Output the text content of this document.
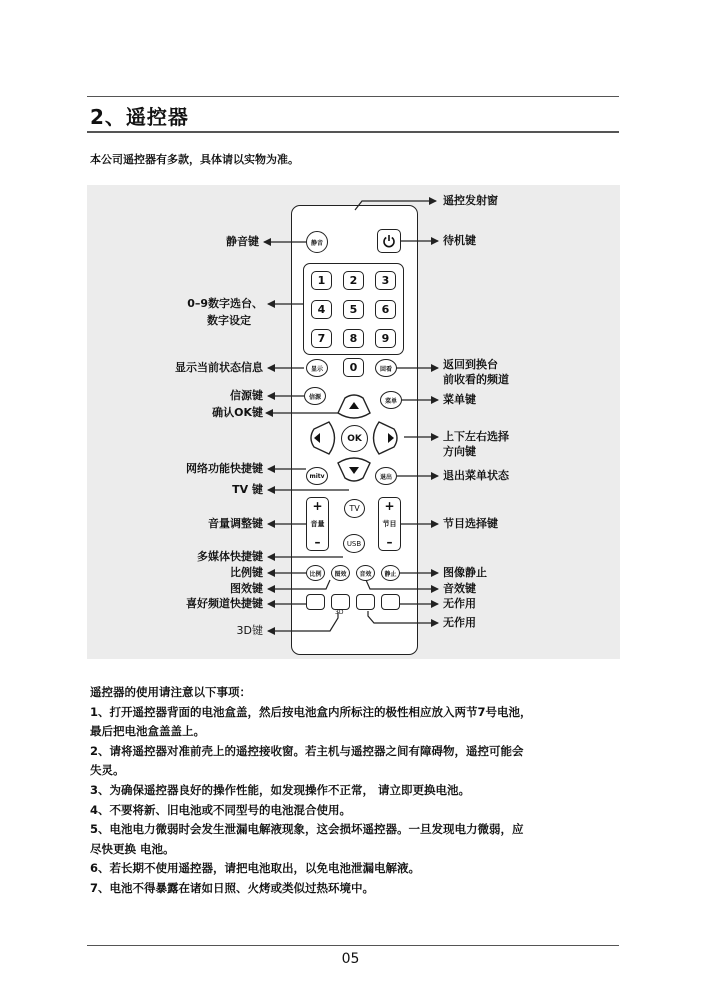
2、遥控器
本公司遥控器有多款，具体请以实物为准。
静音
1 2 3
4 5 6
7 8 9
显示 0	回看
信源
菜单
OK
mitv	退出
TV
+
音量
–
+
节目
–
USB
比例 图效 音效 静止
3D
静音键
0–9数字选台、
数字设定
显示当前状态信息
信源键
确认OK键
网络功能快捷键
TV 键
音量调整键
多媒体快捷键
比例键
图效键
喜好频道快捷键
3D键
遥控发射窗
待机键
返回到换台
前收看的频道
菜单键
上下左右选择
方向键
退出菜单状态
节目选择键
图像静止
音效键
无作用
无作用

遥控器的使用请注意以下事项：

1、打开遥控器背面的电池盒盖，然后按电池盒内所标注的极性相应放入两节7号电池，

最后把电池盒盖盖上。

2、请将遥控器对准前壳上的遥控接收窗。若主机与遥控器之间有障碍物，遥控可能会

失灵。

3、为确保遥控器良好的操作性能，如发现操作不正常， 请立即更换电池。

4、不要将新、旧电池或不同型号的电池混合使用。

5、电池电力微弱时会发生泄漏电解液现象，这会损坏遥控器。一旦发现电力微弱，应

尽快更换 电池。

6、若长期不使用遥控器，请把电池取出，以免电池泄漏电解液。

7、电池不得暴露在诸如日照、火烤或类似过热环境中。

05
